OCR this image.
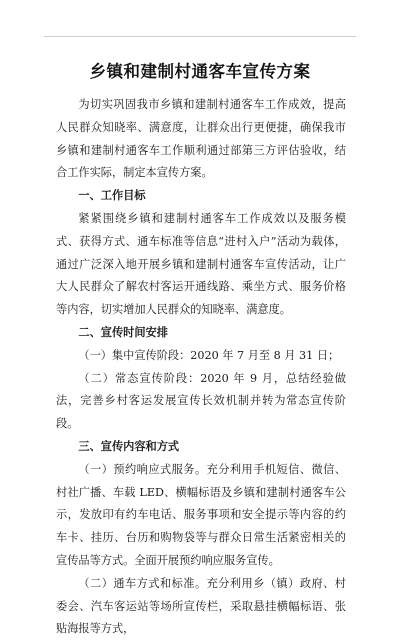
乡镇和建制村通客车宣传方案

为切实巩固我市乡镇和建制村通客车工作成效，提高人民群众知晓率、满意度，让群众出行更便捷，确保我市乡镇和建制村通客车工作顺利通过部第三方评估验收，结合工作实际，制定本宣传方案。

一、工作目标

紧紧围绕乡镇和建制村通客车工作成效以及服务模式、获得方式、通车标准等信息“进村入户”活动为载体，通过广泛深入地开展乡镇和建制村通客车宣传活动，让广大人民群众了解农村客运开通线路、乘坐方式、服务价格等内容，切实增加人民群众的知晓率、满意度。

二、宣传时间安排

（一）集中宣传阶段：2020 年 7 月至 8 月 31 日；

（二）常态宣传阶段：2020 年 9 月，总结经验做法，完善乡村客运发展宣传长效机制并转为常态宣传阶段。

三、宣传内容和方式

（一）预约响应式服务。充分利用手机短信、微信、村社广播、车载 LED、横幅标语及乡镇和建制村通客车公示，发放印有约车电话、服务事项和安全提示等内容的约车卡、挂历、台历和购物袋等与群众日常生活紧密相关的宣传品等方式。全面开展预约响应服务宣传。

（二）通车方式和标准。充分利用乡（镇）政府、村委会、汽车客运站等场所宣传栏，采取悬挂横幅标语、张贴海报等方式，
